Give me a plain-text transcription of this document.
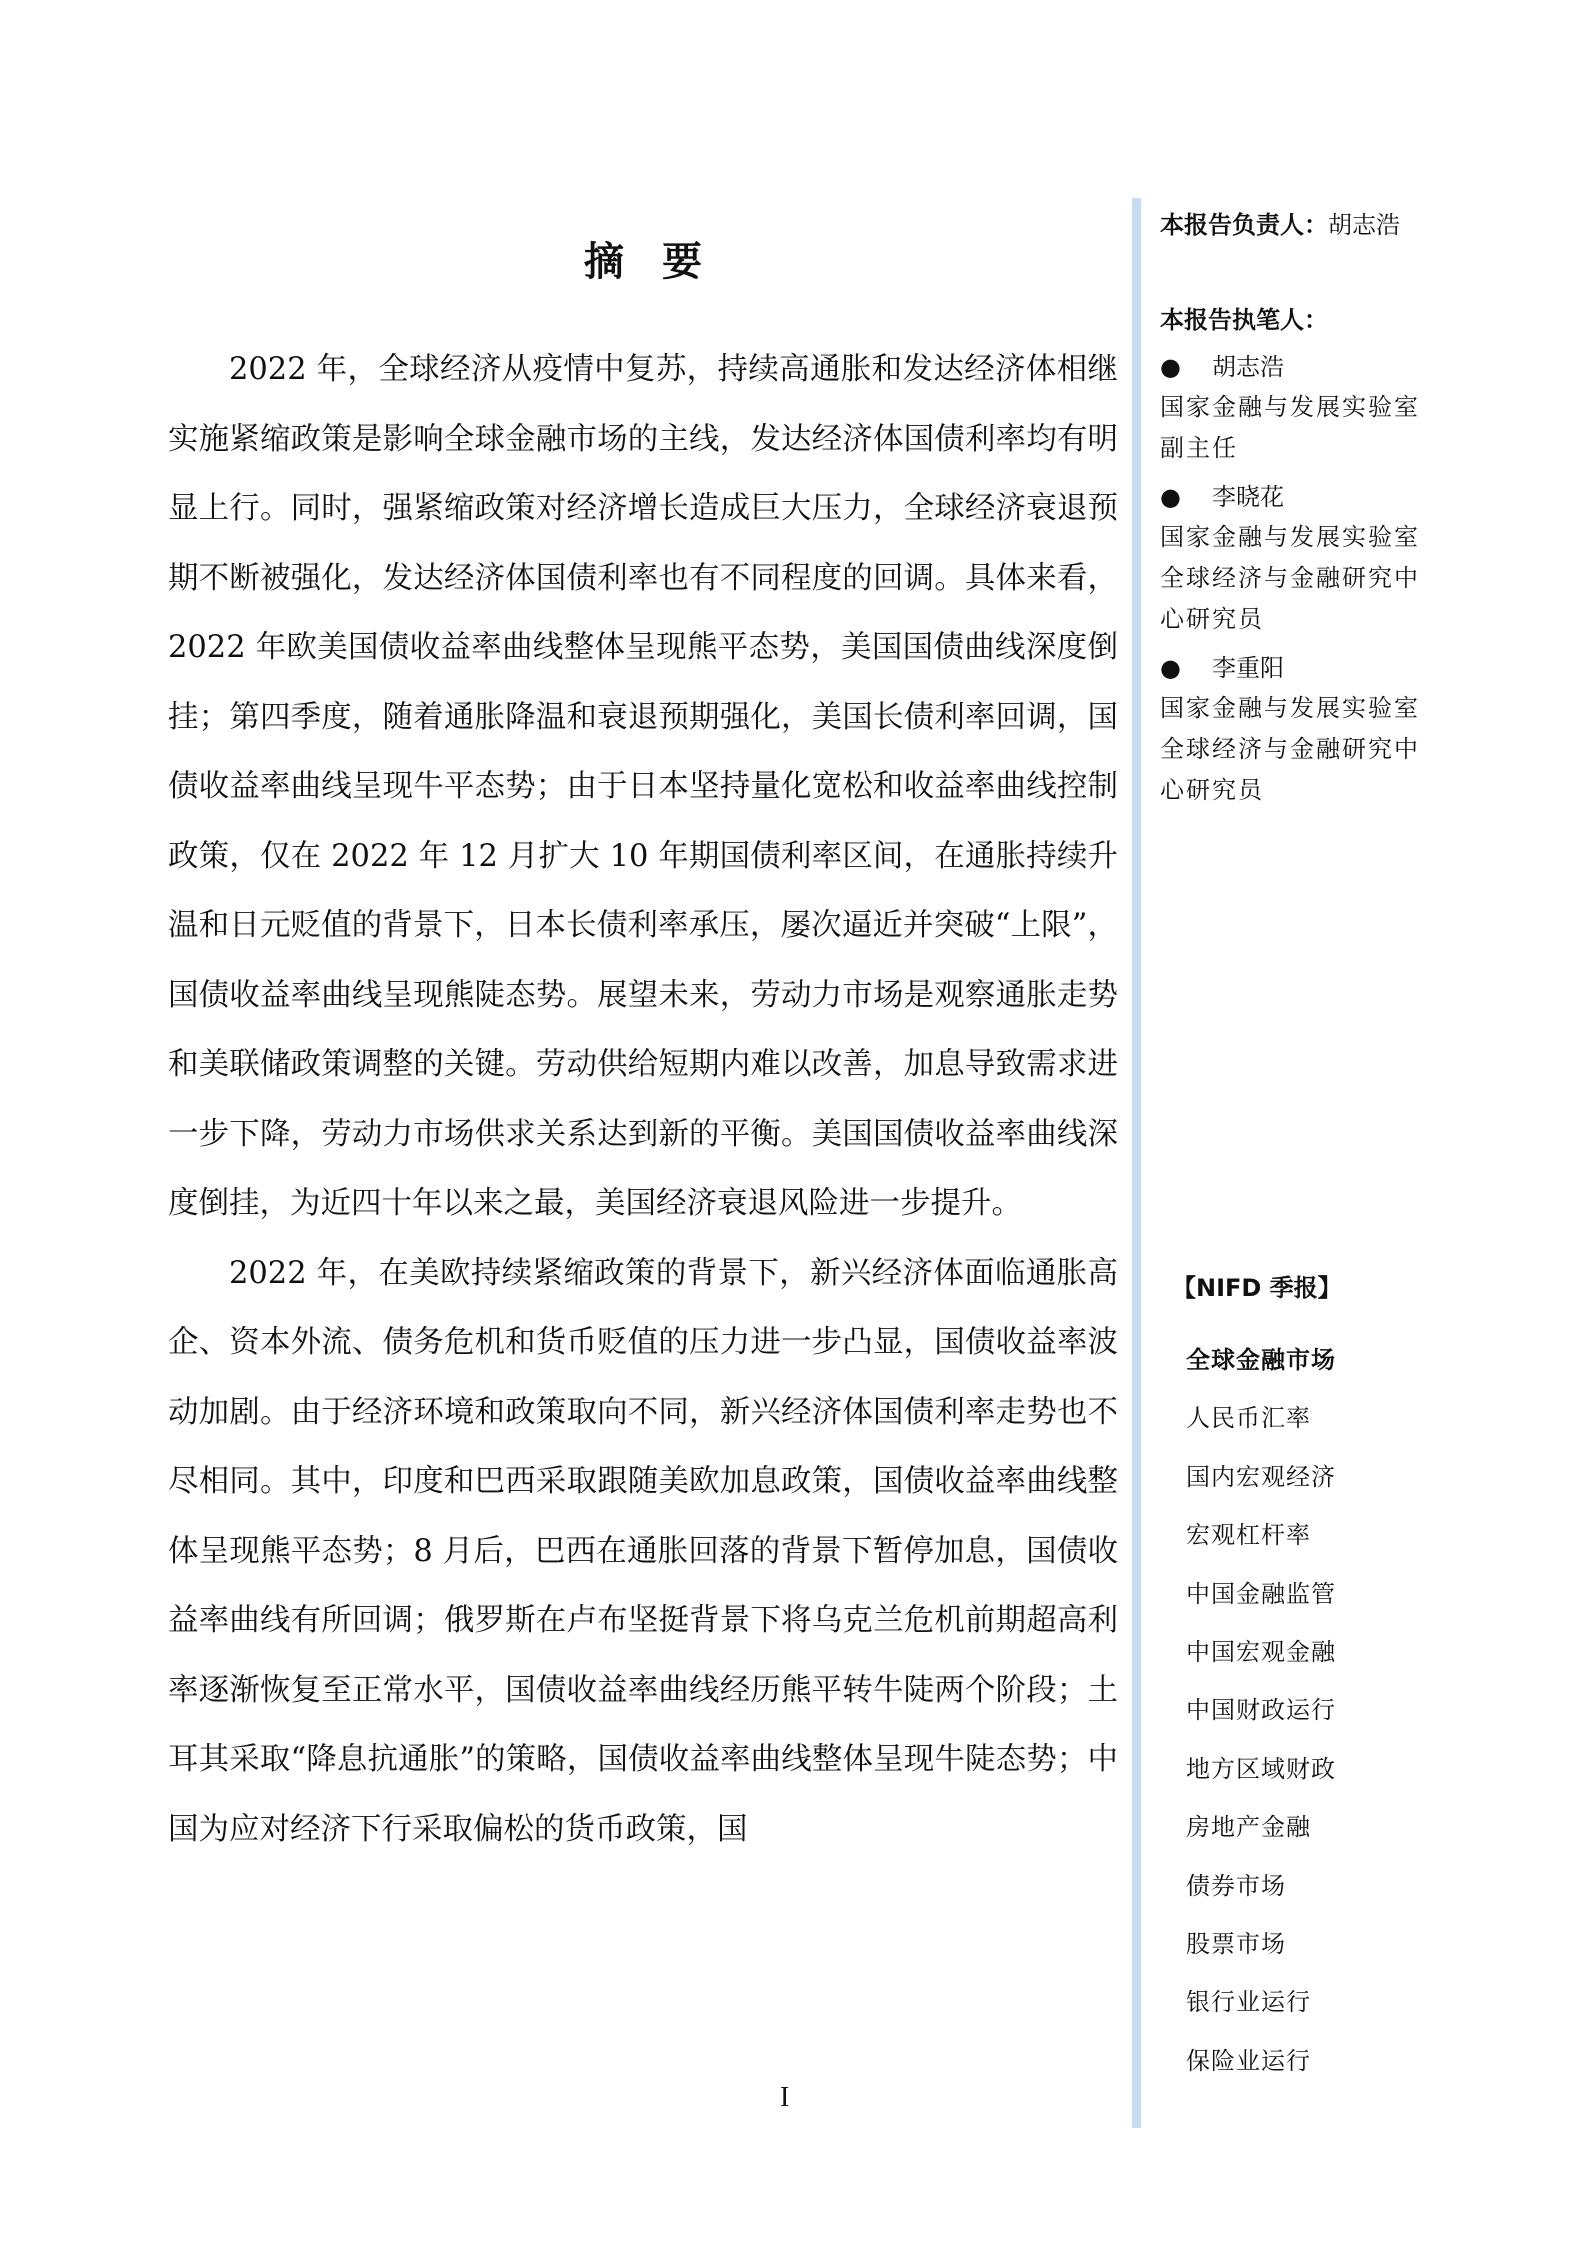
摘要

2022 年，全球经济从疫情中复苏，持续高通胀和发达经济体相继实施紧缩政策是影响全球金融市场的主线，发达经济体国债利率均有明显上行。同时，强紧缩政策对经济增长造成巨大压力，全球经济衰退预期不断被强化，发达经济体国债利率也有不同程度的回调。具体来看，2022 年欧美国债收益率曲线整体呈现熊平态势，美国国债曲线深度倒挂；第四季度，随着通胀降温和衰退预期强化，美国长债利率回调，国债收益率曲线呈现牛平态势；由于日本坚持量化宽松和收益率曲线控制政策，仅在 2022 年 12 月扩大 10 年期国债利率区间，在通胀持续升温和日元贬值的背景下，日本长债利率承压，屡次逼近并突破“上限”，国债收益率曲线呈现熊陡态势。展望未来，劳动力市场是观察通胀走势和美联储政策调整的关键。劳动供给短期内难以改善，加息导致需求进一步下降，劳动力市场供求关系达到新的平衡。美国国债收益率曲线深度倒挂，为近四十年以来之最，美国经济衰退风险进一步提升。

2022 年，在美欧持续紧缩政策的背景下，新兴经济体面临通胀高企、资本外流、债务危机和货币贬值的压力进一步凸显，国债收益率波动加剧。由于经济环境和政策取向不同，新兴经济体国债利率走势也不尽相同。其中，印度和巴西采取跟随美欧加息政策，国债收益率曲线整体呈现熊平态势；8 月后，巴西在通胀回落的背景下暂停加息，国债收益率曲线有所回调；俄罗斯在卢布坚挺背景下将乌克兰危机前期超高利率逐渐恢复至正常水平，国债收益率曲线经历熊平转牛陡两个阶段；土耳其采取“降息抗通胀”的策略，国债收益率曲线整体呈现牛陡态势；中国为应对经济下行采取偏松的货币政策，国

本报告负责人：胡志浩
本报告执笔人：
● 胡志浩
国家金融与发展实验室
副主任
● 李晓花
国家金融与发展实验室
全球经济与金融研究中
心研究员
● 李重阳
国家金融与发展实验室
全球经济与金融研究中
心研究员
【NIFD 季报】
全球金融市场
人民币汇率
国内宏观经济
宏观杠杆率
中国金融监管
中国宏观金融
中国财政运行
地方区域财政
房地产金融
债券市场
股票市场
银行业运行
保险业运行
I
